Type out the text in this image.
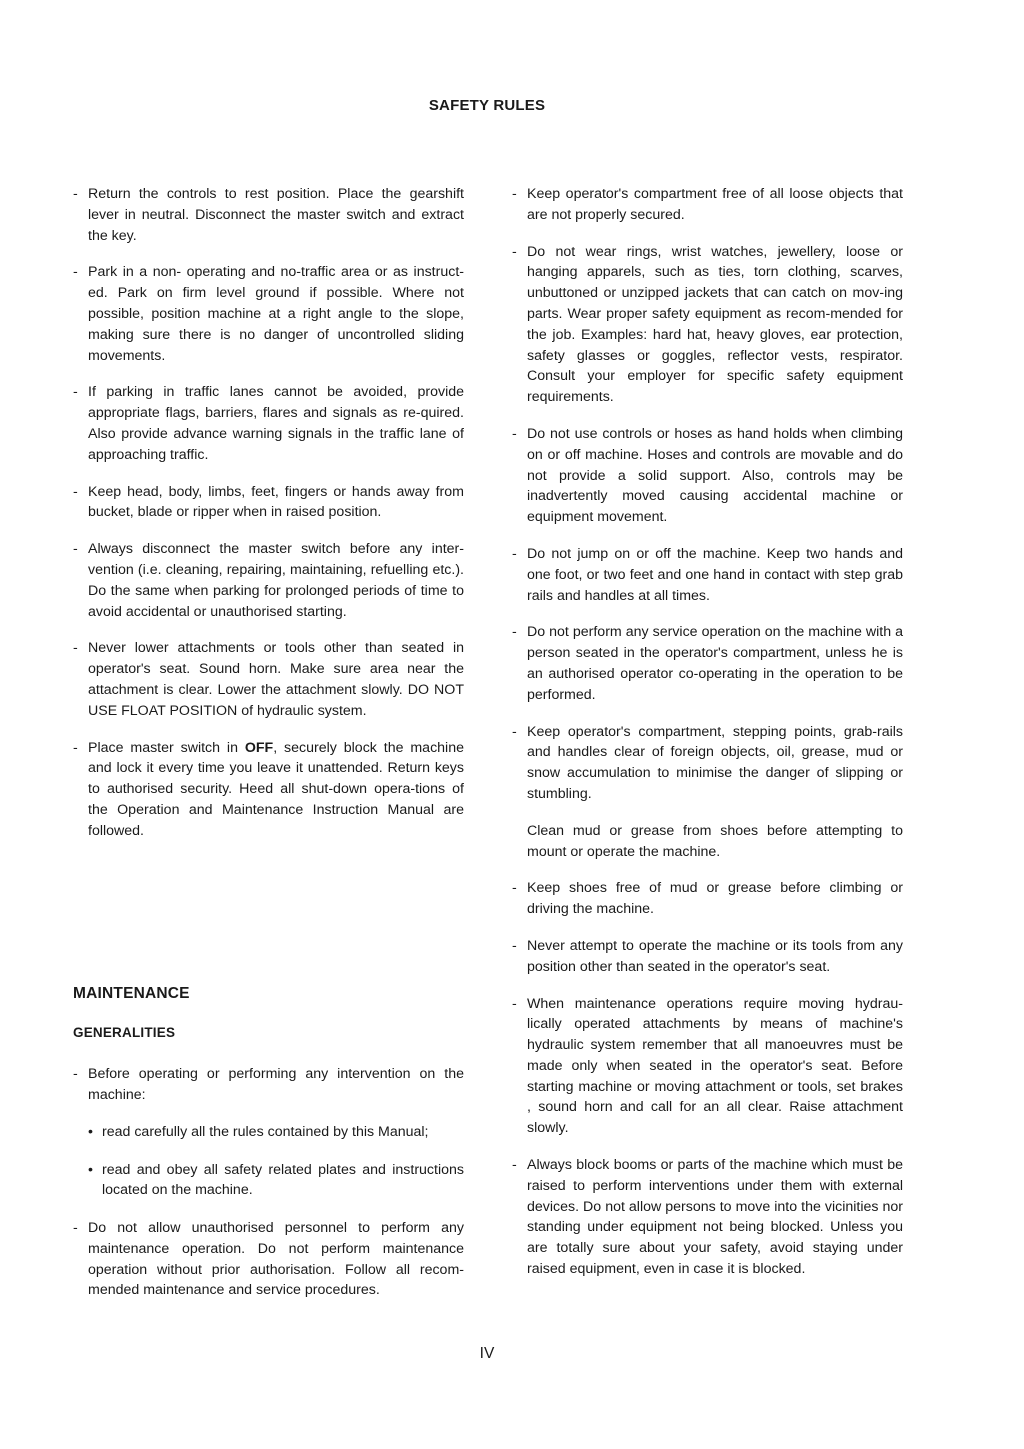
SAFETY RULES

- Return the controls to rest position. Place the gearshift lever in neutral. Disconnect the master switch and extract the key.

- Park in a non- operating and no-traffic area or as instruct-ed. Park on firm level ground if possible. Where not possible, position machine at a right angle to the slope, making sure there is no danger of uncontrolled sliding movements.

- If parking in traffic lanes cannot be avoided, provide appropriate flags, barriers, flares and signals as re-quired. Also provide advance warning signals in the traffic lane of approaching traffic.

- Keep head, body, limbs, feet, fingers or hands away from bucket, blade or ripper when in raised position.

- Always disconnect the master switch before any inter-vention (i.e. cleaning, repairing, maintaining, refuelling etc.). Do the same when parking for prolonged periods of time to avoid accidental or unauthorised starting.

- Never lower attachments or tools other than seated in operator's seat. Sound horn. Make sure area near the attachment is clear. Lower the attachment slowly. DO NOT USE FLOAT POSITION of hydraulic system.

- Place master switch in OFF, securely block the machine and lock it every time you leave it unattended. Return keys to authorised security. Heed all shut-down opera-tions of the Operation and Maintenance Instruction Manual are followed.

MAINTENANCE
GENERALITIES

- Before operating or performing any intervention on the machine:

• read carefully all the rules contained by this Manual;

• read and obey all safety related plates and instructions located on the machine.

- Do not allow unauthorised personnel to perform any maintenance operation. Do not perform maintenance operation without prior authorisation. Follow all recom-mended maintenance and service procedures.

- Keep operator's compartment free of all loose objects that are not properly secured.

- Do not wear rings, wrist watches, jewellery, loose or hanging apparels, such as ties, torn clothing, scarves, unbuttoned or unzipped jackets that can catch on mov-ing parts. Wear proper safety equipment as recom-mended for the job. Examples: hard hat, heavy gloves, ear protection, safety glasses or goggles, reflector vests, respirator. Consult your employer for specific safety equipment requirements.

- Do not use controls or hoses as hand holds when climbing on or off machine. Hoses and controls are movable and do not provide a solid support. Also, controls may be inadvertently moved causing accidental machine or equipment movement.

- Do not jump on or off the machine. Keep two hands and one foot, or two feet and one hand in contact with step grab rails and handles at all times.

- Do not perform any service operation on the machine with a person seated in the operator's compartment, unless he is an authorised operator co-operating in the operation to be performed.

- Keep operator's compartment, stepping points, grab-rails and handles clear of foreign objects, oil, grease, mud or snow accumulation to minimise the danger of slipping or stumbling.

Clean mud or grease from shoes before attempting to mount or operate the machine.

- Keep shoes free of mud or grease before climbing or driving the machine.

- Never attempt to operate the machine or its tools from any position other than seated in the operator's seat.

- When maintenance operations require moving hydrau-lically operated attachments by means of machine's hydraulic system remember that all manoeuvres must be made only when seated in the operator's seat. Before starting machine or moving attachment or tools, set brakes , sound horn and call for an all clear. Raise attachment slowly.

- Always block booms or parts of the machine which must be raised to perform interventions under them with external devices. Do not allow persons to move into the vicinities nor standing under equipment not being blocked. Unless you are totally sure about your safety, avoid staying under raised equipment, even in case it is blocked.

IV
